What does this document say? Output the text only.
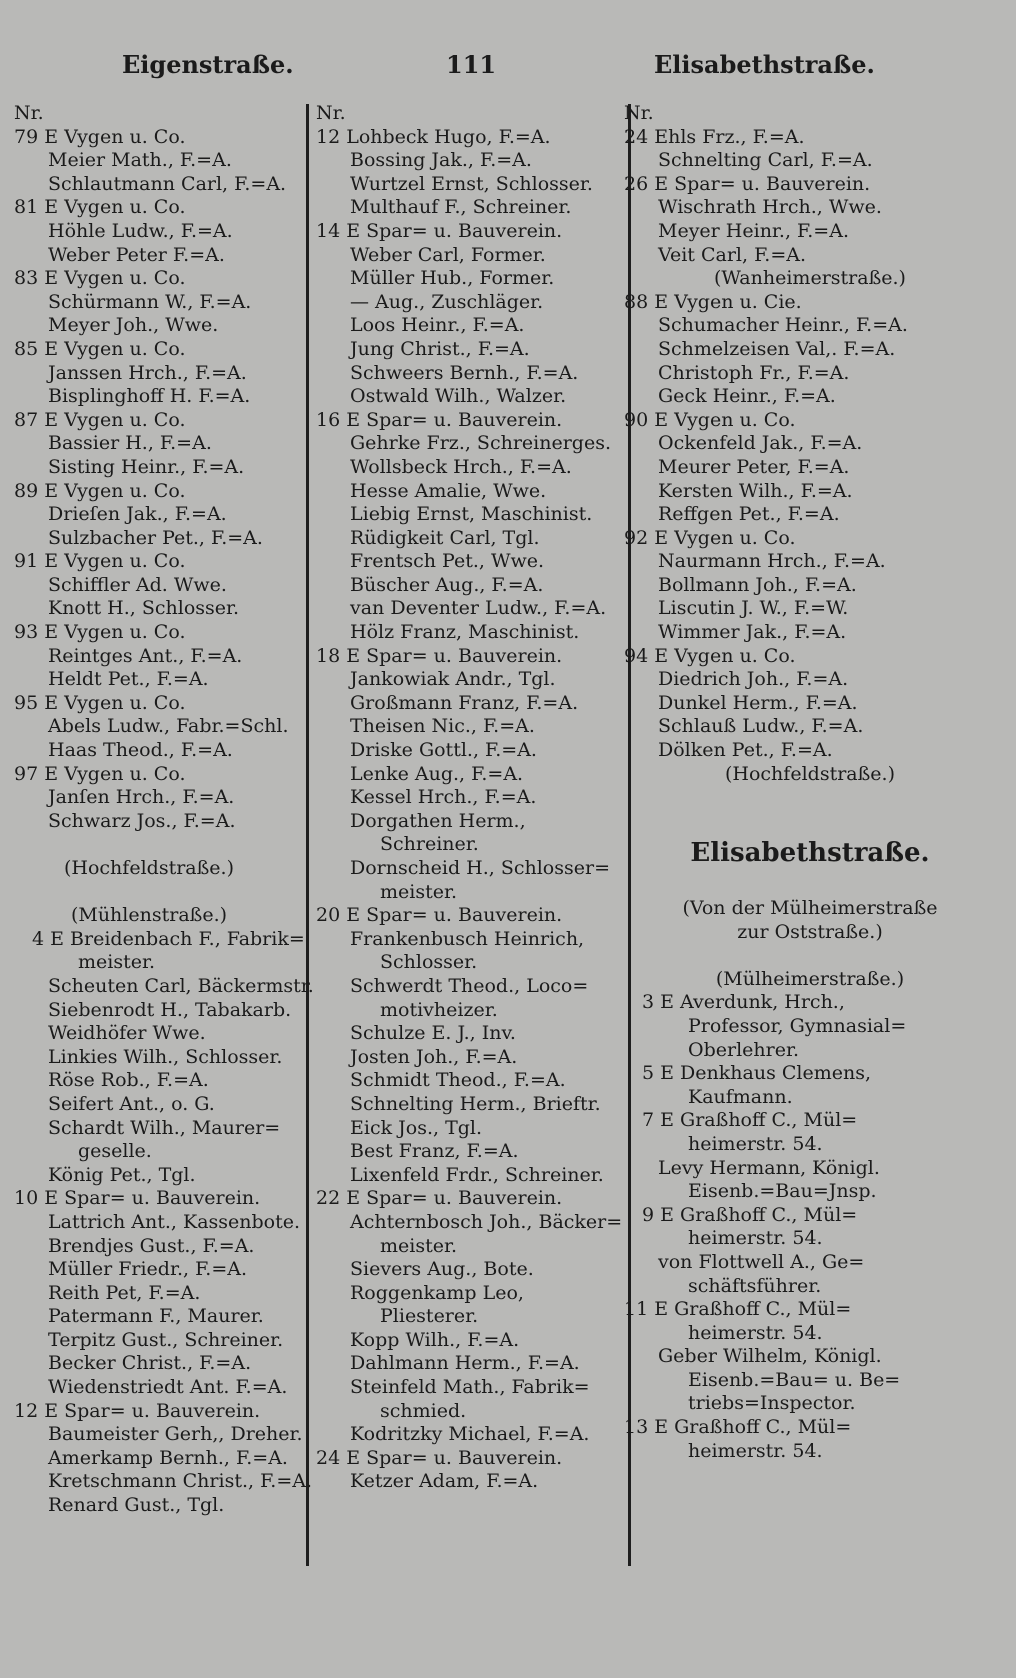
Eigenstraße.	111	Elisabethstraße.
Nr.
79 E Vygen u. Co.
Meier Math., F.=A.
Schlautmann Carl, F.=A.
81 E Vygen u. Co.
Höhle Ludw., F.=A.
Weber Peter F.=A.
83 E Vygen u. Co.
Schürmann W., F.=A.
Meyer Joh., Wwe.
85 E Vygen u. Co.
Janssen Hrch., F.=A.
Bisplinghoff H. F.=A.
87 E Vygen u. Co.
Bassier H., F.=A.
Sisting Heinr., F.=A.
89 E Vygen u. Co.
Drieſen Jak., F.=A.
Sulzbacher Pet., F.=A.
91 E Vygen u. Co.
Schiffler Ad. Wwe.
Knott H., Schlosser.
93 E Vygen u. Co.
Reintges Ant., F.=A.
Heldt Pet., F.=A.
95 E Vygen u. Co.
Abels Ludw., Fabr.=Schl.
Haas Theod., F.=A.
97 E Vygen u. Co.
Janſen Hrch., F.=A.
Schwarz Jos., F.=A.
(Hochfeldstraße.)
(Mühlenstraße.)
4 E Breidenbach F., Fabrik=
meister.
Scheuten Carl, Bäckermstr.
Siebenrodt H., Tabakarb.
Weidhöfer Wwe.
Linkies Wilh., Schlosser.
Röse Rob., F.=A.
Seifert Ant., o. G.
Schardt Wilh., Maurer=
geselle.
König Pet., Tgl.
10 E Spar= u. Bauverein.
Lattrich Ant., Kassenbote.
Brendjes Gust., F.=A.
Müller Friedr., F.=A.
Reith Pet, F.=A.
Patermann F., Maurer.
Terpitz Gust., Schreiner.
Becker Christ., F.=A.
Wiedenstriedt Ant. F.=A.
12 E Spar= u. Bauverein.
Baumeister Gerh,, Dreher.
Amerkamp Bernh., F.=A.
Kretschmann Christ., F.=A.
Renard Gust., Tgl.
Nr.
12 Lohbeck Hugo, F.=A.
Bossing Jak., F.=A.
Wurtzel Ernst, Schlosser.
Multhauf F., Schreiner.
14 E Spar= u. Bauverein.
Weber Carl, Former.
Müller Hub., Former.
— Aug., Zuschläger.
Loos Heinr., F.=A.
Jung Christ., F.=A.
Schweers Bernh., F.=A.
Ostwald Wilh., Walzer.
16 E Spar= u. Bauverein.
Gehrke Frz., Schreinerges.
Wollsbeck Hrch., F.=A.
Hesse Amalie, Wwe.
Liebig Ernst, Maschinist.
Rüdigkeit Carl, Tgl.
Frentsch Pet., Wwe.
Büscher Aug., F.=A.
van Deventer Ludw., F.=A.
Hölz Franz, Maschinist.
18 E Spar= u. Bauverein.
Jankowiak Andr., Tgl.
Großmann Franz, F.=A.
Theisen Nic., F.=A.
Driske Gottl., F.=A.
Lenke Aug., F.=A.
Kessel Hrch., F.=A.
Dorgathen Herm.,
Schreiner.
Dornscheid H., Schlosser=
meister.
20 E Spar= u. Bauverein.
Frankenbusch Heinrich,
Schlosser.
Schwerdt Theod., Loco=
motivheizer.
Schulze E. J., Inv.
Josten Joh., F.=A.
Schmidt Theod., F.=A.
Schnelting Herm., Brieftr.
Eick Jos., Tgl.
Best Franz, F.=A.
Lixenfeld Frdr., Schreiner.
22 E Spar= u. Bauverein.
Achternbosch Joh., Bäcker=
meister.
Sievers Aug., Bote.
Roggenkamp Leo,
Pliesterer.
Kopp Wilh., F.=A.
Dahlmann Herm., F.=A.
Steinfeld Math., Fabrik=
schmied.
Kodritzky Michael, F.=A.
24 E Spar= u. Bauverein.
Ketzer Adam, F.=A.
Nr.
24 Ehls Frz., F.=A.
Schnelting Carl, F.=A.
26 E Spar= u. Bauverein.
Wischrath Hrch., Wwe.
Meyer Heinr., F.=A.
Veit Carl, F.=A.
(Wanheimerstraße.)
88 E Vygen u. Cie.
Schumacher Heinr., F.=A.
Schmelzeisen Val,. F.=A.
Christoph Fr., F.=A.
Geck Heinr., F.=A.
90 E Vygen u. Co.
Ockenfeld Jak., F.=A.
Meurer Peter, F.=A.
Kersten Wilh., F.=A.
Reffgen Pet., F.=A.
92 E Vygen u. Co.
Naurmann Hrch., F.=A.
Bollmann Joh., F.=A.
Liscutin J. W., F.=W.
Wimmer Jak., F.=A.
94 E Vygen u. Co.
Diedrich Joh., F.=A.
Dunkel Herm., F.=A.
Schlauß Ludw., F.=A.
Dölken Pet., F.=A.
(Hochfeldstraße.)
Elisabethstraße.
(Von der Mülheimerstraße
zur Oststraße.)
(Mülheimerstraße.)
3 E Averdunk, Hrch.,
Professor, Gymnasial=
Oberlehrer.
5 E Denkhaus Clemens,
Kaufmann.
7 E Graßhoff C., Mül=
heimerstr. 54.
Levy Hermann, Königl.
Eisenb.=Bau=Jnsp.
9 E Graßhoff C., Mül=
heimerstr. 54.
von Flottwell A., Ge=
schäftsführer.
11 E Graßhoff C., Mül=
heimerstr. 54.
Geber Wilhelm, Königl.
Eisenb.=Bau= u. Be=
triebs=Inspector.
13 E Graßhoff C., Mül=
heimerstr. 54.
